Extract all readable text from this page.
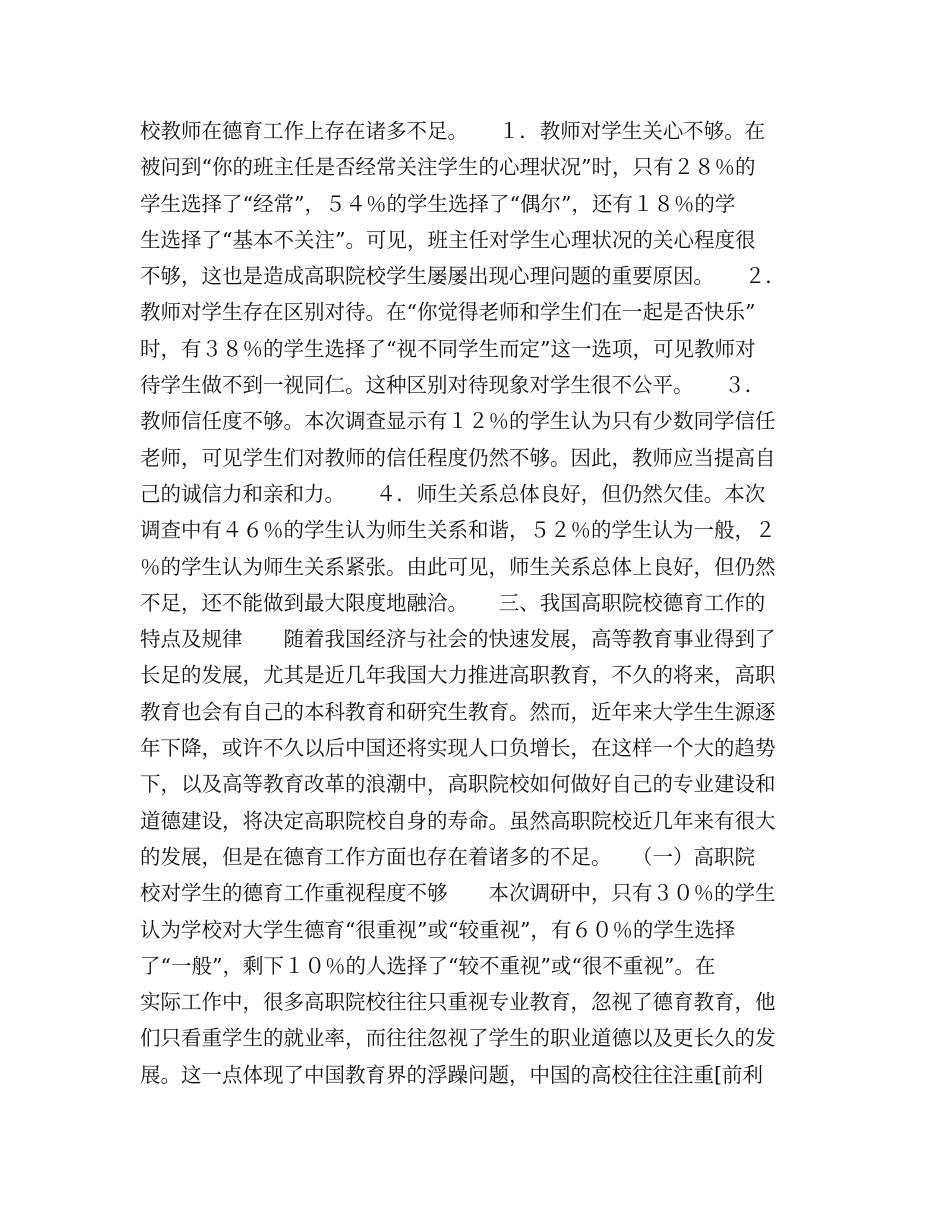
校教师在德育工作上存在诸多不足。　　１．教师对学生关心不够。在
被问到“你的班主任是否经常关注学生的心理状况”时，只有２８％的
学生选择了“经常”，５４％的学生选择了“偶尔”，还有１８％的学
生选择了“基本不关注”。可见，班主任对学生心理状况的关心程度很
不够，这也是造成高职院校学生屡屡出现心理问题的重要原因。　　２．
教师对学生存在区别对待。在“你觉得老师和学生们在一起是否快乐”
时，有３８％的学生选择了“视不同学生而定”这一选项，可见教师对
待学生做不到一视同仁。这种区别对待现象对学生很不公平。　　３．
教师信任度不够。本次调查显示有１２％的学生认为只有少数同学信任
老师，可见学生们对教师的信任程度仍然不够。因此，教师应当提高自
己的诚信力和亲和力。　　４．师生关系总体良好，但仍然欠佳。本次
调查中有４６％的学生认为师生关系和谐，５２％的学生认为一般，２
％的学生认为师生关系紧张。由此可见，师生关系总体上良好，但仍然
不足，还不能做到最大限度地融洽。　　三、我国高职院校德育工作的
特点及规律　　随着我国经济与社会的快速发展，高等教育事业得到了
长足的发展，尤其是近几年我国大力推进高职教育，不久的将来，高职
教育也会有自己的本科教育和研究生教育。然而，近年来大学生生源逐
年下降，或许不久以后中国还将实现人口负增长，在这样一个大的趋势
下，以及高等教育改革的浪潮中，高职院校如何做好自己的专业建设和
道德建设，将决定高职院校自身的寿命。虽然高职院校近几年来有很大
的发展，但是在德育工作方面也存在着诸多的不足。　　（一）高职院
校对学生的德育工作重视程度不够　　本次调研中，只有３０％的学生
认为学校对大学生德育“很重视”或“较重视”，有６０％的学生选择
了“一般”，剩下１０％的人选择了“较不重视”或“很不重视”。在
实际工作中，很多高职院校往往只重视专业教育，忽视了德育教育，他
们只看重学生的就业率，而往往忽视了学生的职业道德以及更长久的发
展。这一点体现了中国教育界的浮躁问题，中国的高校往往注重[前利
